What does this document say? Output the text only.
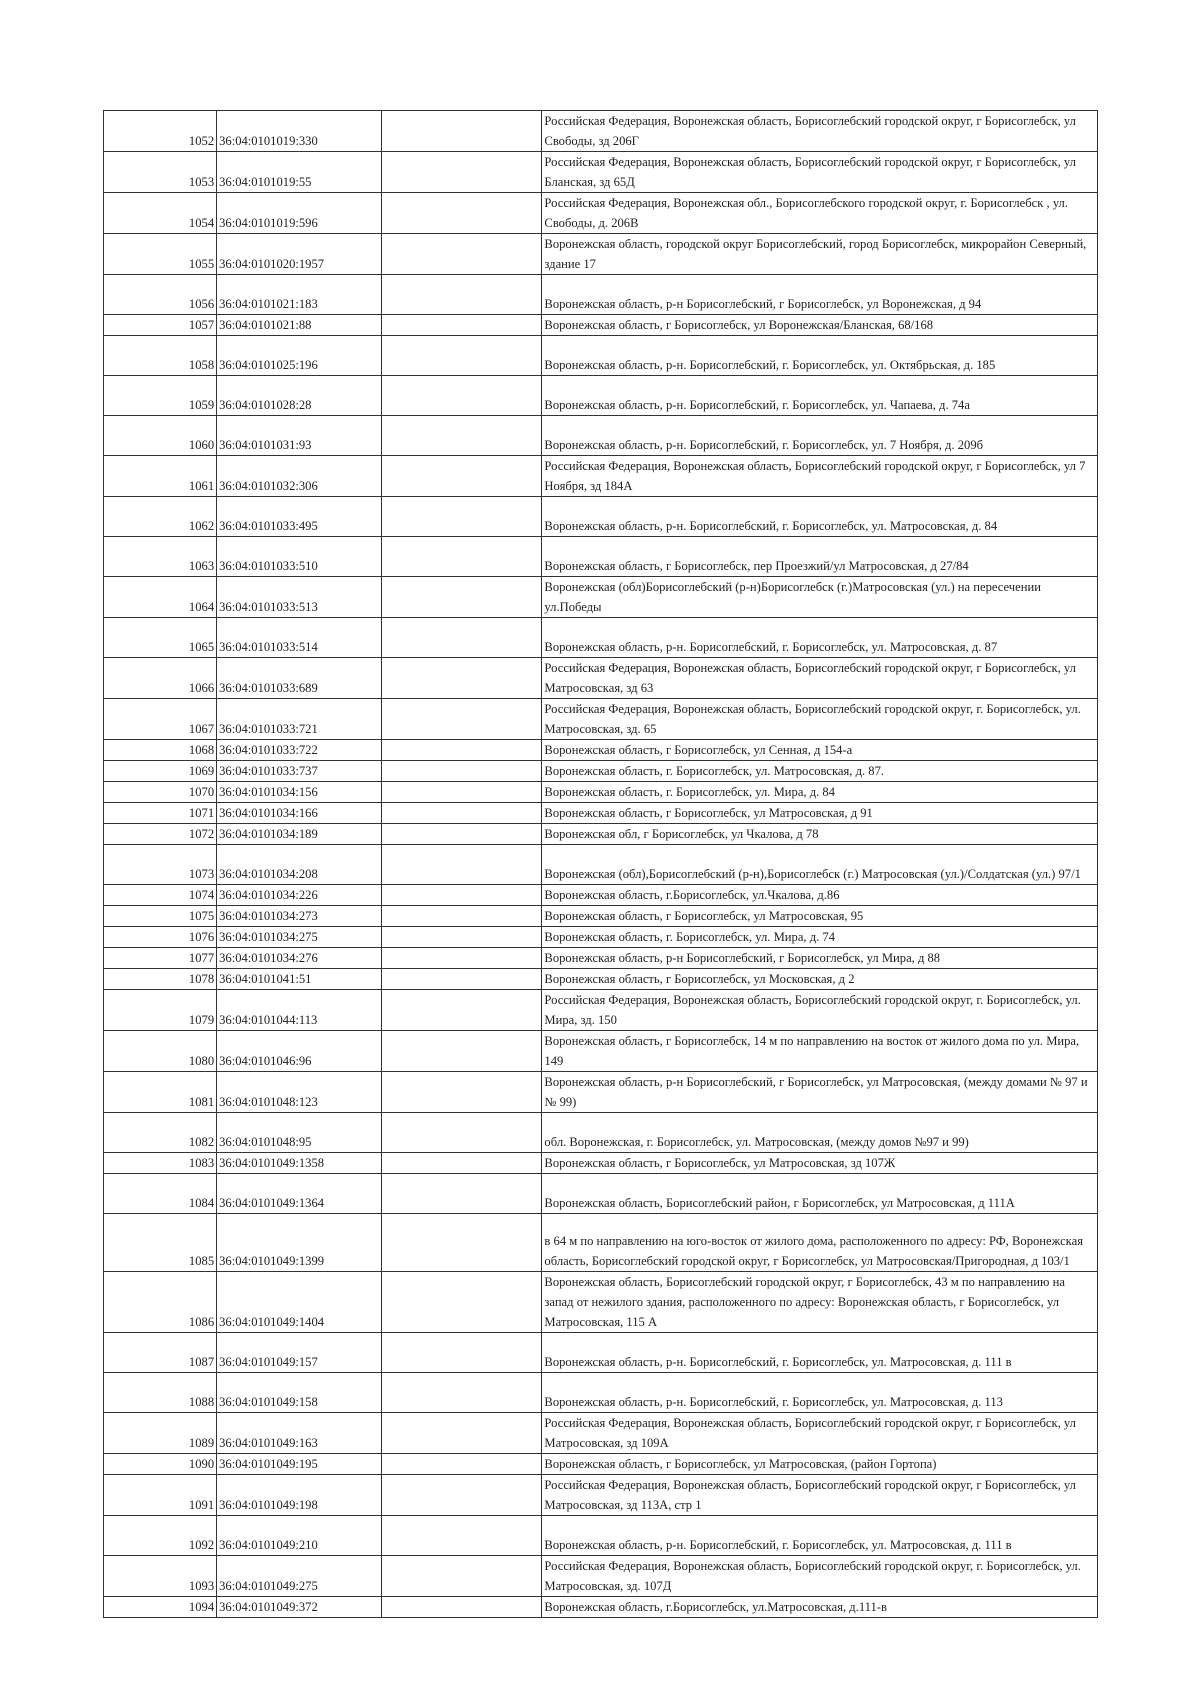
1052	36:04:0101019:330		Российская Федерация, Воронежская область, Борисоглебский городской округ, г Борисоглебск, ул Свободы, зд 206Г
1053	36:04:0101019:55		Российская Федерация, Воронежская область, Борисоглебский городской округ, г Борисоглебск, ул Бланская, зд 65Д
1054	36:04:0101019:596		Российская Федерация, Воронежская обл., Борисоглебского городской округ, г. Борисоглебск , ул. Свободы, д. 206В
1055	36:04:0101020:1957		Воронежская область, городской округ Борисоглебский, город Борисоглебск, микрорайон Северный, здание 17
1056	36:04:0101021:183		Воронежская область, р-н Борисоглебский, г Борисоглебск, ул Воронежская, д 94
1057	36:04:0101021:88		Воронежская область, г Борисоглебск, ул Воронежская/Бланская, 68/168
1058	36:04:0101025:196		Воронежская область, р-н. Борисоглебский, г. Борисоглебск, ул. Октябрьская, д. 185
1059	36:04:0101028:28		Воронежская область, р-н. Борисоглебский, г. Борисоглебск, ул. Чапаева, д. 74а
1060	36:04:0101031:93		Воронежская область, р-н. Борисоглебский, г. Борисоглебск, ул. 7 Ноября, д. 209б
1061	36:04:0101032:306		Российская Федерация, Воронежская область, Борисоглебский городской округ, г Борисоглебск, ул 7 Ноября, зд 184А
1062	36:04:0101033:495		Воронежская область, р-н. Борисоглебский, г. Борисоглебск, ул. Матросовская, д. 84
1063	36:04:0101033:510		Воронежская область, г Борисоглебск, пер Проезжий/ул Матросовская, д 27/84
1064	36:04:0101033:513		Воронежская (обл)Борисоглебский (р-н)Борисоглебск (г.)Матросовская (ул.) на пересечении ул.Победы
1065	36:04:0101033:514		Воронежская область, р-н. Борисоглебский, г. Борисоглебск, ул. Матросовская, д. 87
1066	36:04:0101033:689		Российская Федерация, Воронежская область, Борисоглебский городской округ, г Борисоглебск, ул Матросовская, зд 63
1067	36:04:0101033:721		Российская Федерация, Воронежская область, Борисоглебский городской округ, г. Борисоглебск, ул. Матросовская, зд. 65
1068	36:04:0101033:722		Воронежская область, г Борисоглебск, ул Сенная, д 154-а
1069	36:04:0101033:737		Воронежская область, г. Борисоглебск, ул. Матросовская, д. 87.
1070	36:04:0101034:156		Воронежская область, г. Борисоглебск, ул. Мира, д. 84
1071	36:04:0101034:166		Воронежская область, г Борисоглебск, ул Матросовская, д 91
1072	36:04:0101034:189		Воронежская обл, г Борисоглебск, ул Чкалова, д 78
1073	36:04:0101034:208		Воронежская (обл),Борисоглебский (р-н),Борисоглебск (г.) Матросовская (ул.)/Солдатская (ул.) 97/1
1074	36:04:0101034:226		Воронежская область, г.Борисоглебск, ул.Чкалова, д.86
1075	36:04:0101034:273		Воронежская область, г Борисоглебск, ул Матросовская, 95
1076	36:04:0101034:275		Воронежская область, г. Борисоглебск, ул. Мира, д. 74
1077	36:04:0101034:276		Воронежская область, р-н Борисоглебский, г Борисоглебск, ул Мира, д 88
1078	36:04:0101041:51		Воронежская область, г Борисоглебск, ул Московская, д 2
1079	36:04:0101044:113		Российская Федерация, Воронежская область, Борисоглебский городской округ, г. Борисоглебск, ул. Мира, зд. 150
1080	36:04:0101046:96		Воронежская область, г Борисоглебск, 14 м по направлению на восток от жилого дома по ул. Мира, 149
1081	36:04:0101048:123		Воронежская область, р-н Борисоглебский, г Борисоглебск, ул Матросовская, (между домами № 97 и № 99)
1082	36:04:0101048:95		обл. Воронежская, г. Борисоглебск, ул. Матросовская, (между домов №97 и 99)
1083	36:04:0101049:1358		Воронежская область, г Борисоглебск, ул Матросовская, зд 107Ж
1084	36:04:0101049:1364		Воронежская область, Борисоглебский район, г Борисоглебск, ул Матросовская, д 111А
1085	36:04:0101049:1399		в 64 м по направлению на юго-восток от жилого дома, расположенного по адресу: РФ, Воронежская область, Борисоглебский городской округ, г Борисоглебск, ул Матросовская/Пригородная, д 103/1
1086	36:04:0101049:1404		Воронежская область, Борисоглебский городской округ, г Борисоглебск, 43 м по направлению на запад от нежилого здания, расположенного по адресу: Воронежская область, г Борисоглебск, ул Матросовская, 115 А
1087	36:04:0101049:157		Воронежская область, р-н. Борисоглебский, г. Борисоглебск, ул. Матросовская, д. 111 в
1088	36:04:0101049:158		Воронежская область, р-н. Борисоглебский, г. Борисоглебск, ул. Матросовская, д. 113
1089	36:04:0101049:163		Российская Федерация, Воронежская область, Борисоглебский городской округ, г Борисоглебск, ул Матросовская, зд 109А
1090	36:04:0101049:195		Воронежская область, г Борисоглебск, ул Матросовская, (район Гортопа)
1091	36:04:0101049:198		Российская Федерация, Воронежская область, Борисоглебский городской округ, г Борисоглебск, ул Матросовская, зд 113А, стр 1
1092	36:04:0101049:210		Воронежская область, р-н. Борисоглебский, г. Борисоглебск, ул. Матросовская, д. 111 в
1093	36:04:0101049:275		Российская Федерация, Воронежская область, Борисоглебский городской округ, г. Борисоглебск, ул. Матросовская, зд. 107Д
1094	36:04:0101049:372		Воронежская область, г.Борисоглебск, ул.Матросовская, д.111-в
